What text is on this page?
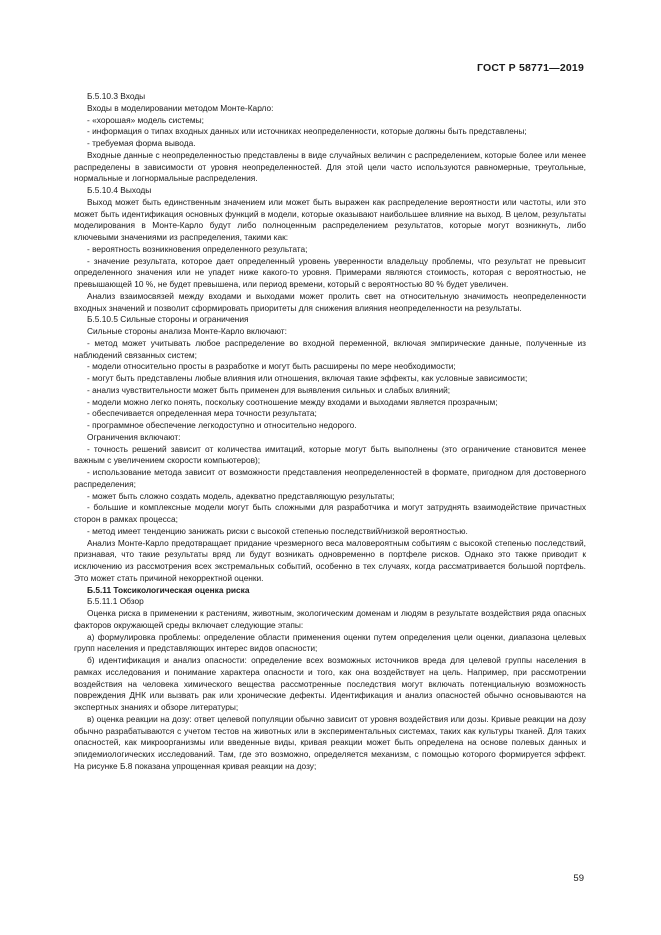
ГОСТ Р 58771—2019

Б.5.10.3 Входы

Входы в моделировании методом Монте-Карло:

- «хорошая» модель системы;

- информация о типах входных данных или источниках неопределенности, которые должны быть представлены;

- требуемая форма вывода.

Входные данные с неопределенностью представлены в виде случайных величин с распределением, которые более или менее распределены в зависимости от уровня неопределенностей. Для этой цели часто используются равномерные, треугольные, нормальные и логнормальные распределения.

Б.5.10.4 Выходы

Выход может быть единственным значением или может быть выражен как распределение вероятности или частоты, или это может быть идентификация основных функций в модели, которые оказывают наибольшее влияние на выход. В целом, результаты моделирования в Монте-Карло будут либо полноценным распределением результатов, которые могут возникнуть, либо ключевыми значениями из распределения, такими как:

- вероятность возникновения определенного результата;

- значение результата, которое дает определенный уровень уверенности владельцу проблемы, что результат не превысит определенного значения или не упадет ниже какого-то уровня. Примерами являются стоимость, которая с вероятностью, не превышающей 10 %, не будет превышена, или период времени, который с вероятностью 80 % будет увеличен.

Анализ взаимосвязей между входами и выходами может пролить свет на относительную значимость неопределенности входных значений и позволит сформировать приоритеты для снижения влияния неопределенности на результаты.

Б.5.10.5 Сильные стороны и ограничения

Сильные стороны анализа Монте-Карло включают:

- метод может учитывать любое распределение во входной переменной, включая эмпирические данные, полученные из наблюдений связанных систем;

- модели относительно просты в разработке и могут быть расширены по мере необходимости;

- могут быть представлены любые влияния или отношения, включая такие эффекты, как условные зависимости;

- анализ чувствительности может быть применен для выявления сильных и слабых влияний;

- модели можно легко понять, поскольку соотношение между входами и выходами является прозрачным;

- обеспечивается определенная мера точности результата;

- программное обеспечение легкодоступно и относительно недорого.

Ограничения включают:

- точность решений зависит от количества имитаций, которые могут быть выполнены (это ограничение становится менее важным с увеличением скорости компьютеров);

- использование метода зависит от возможности представления неопределенностей в формате, пригодном для достоверного распределения;

- может быть сложно создать модель, адекватно представляющую результаты;

- большие и комплексные модели могут быть сложными для разработчика и могут затруднять взаимодействие причастных сторон в рамках процесса;

- метод имеет тенденцию занижать риски с высокой степенью последствий/низкой вероятностью.

Анализ Монте-Карло предотвращает придание чрезмерного веса маловероятным событиям с высокой степенью последствий, признавая, что такие результаты вряд ли будут возникать одновременно в портфеле рисков. Однако это также приводит к исключению из рассмотрения всех экстремальных событий, особенно в тех случаях, когда рассматривается большой портфель. Это может стать причиной некорректной оценки.

Б.5.11 Токсикологическая оценка риска

Б.5.11.1 Обзор

Оценка риска в применении к растениям, животным, экологическим доменам и людям в результате воздействия ряда опасных факторов окружающей среды включает следующие этапы:

а) формулировка проблемы: определение области применения оценки путем определения цели оценки, диапазона целевых групп населения и представляющих интерес видов опасности;

б) идентификация и анализ опасности: определение всех возможных источников вреда для целевой группы населения в рамках исследования и понимание характера опасности и того, как она воздействует на цель. Например, при рассмотрении воздействия на человека химического вещества рассмотренные последствия могут включать потенциальную возможность повреждения ДНК или вызвать рак или хронические дефекты. Идентификация и анализ опасностей обычно основываются на экспертных знаниях и обзоре литературы;

в) оценка реакции на дозу: ответ целевой популяции обычно зависит от уровня воздействия или дозы. Кривые реакции на дозу обычно разрабатываются с учетом тестов на животных или в экспериментальных системах, таких как культуры тканей. Для таких опасностей, как микроорганизмы или введенные виды, кривая реакции может быть определена на основе полевых данных и эпидемиологических исследований. Там, где это возможно, определяется механизм, с помощью которого формируется эффект. На рисунке Б.8 показана упрощенная кривая реакции на дозу;

59
